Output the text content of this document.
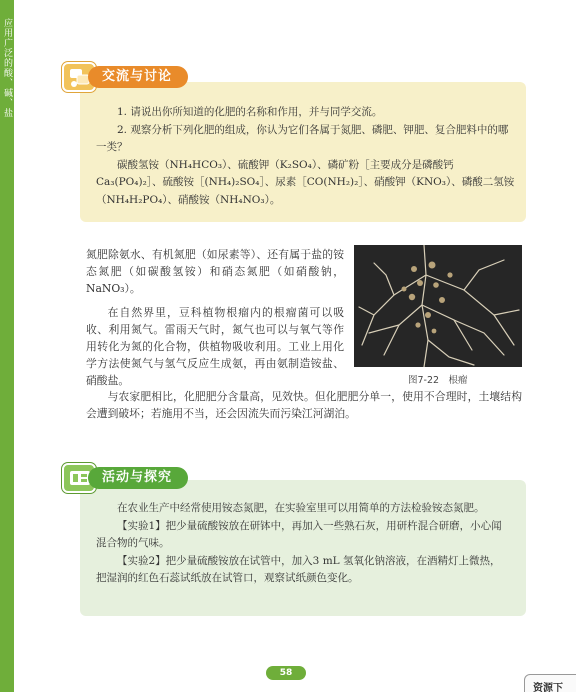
应用广泛的酸、碱、盐	交流与讨论

1. 请说出你所知道的化肥的名称和作用，并与同学交流。

2. 观察分析下列化肥的组成，你认为它们各属于氮肥、磷肥、钾肥、复合肥料中的哪一类？

碳酸氢铵（NH₄HCO₃）、硫酸钾（K₂SO₄）、磷矿粉［主要成分是磷酸钙 Ca₃(PO₄)₂］、硫酸铵［(NH₄)₂SO₄］、尿素［CO(NH₂)₂］、硝酸钾（KNO₃）、磷酸二氢铵（NH₄H₂PO₄）、硝酸铵（NH₄NO₃）。

氮肥除氨水、有机氮肥（如尿素等）、还有属于盐的铵态氮肥（如碳酸氢铵）和硝态氮肥（如硝酸钠，NaNO₃）。
在自然界里，豆科植物根瘤内的根瘤菌可以吸收、利用氮气。雷雨天气时，氮气也可以与氧气等作用转化为氮的化合物，供植物吸收利用。工业上用化学方法使氮气与氢气反应生成氨，再由氨制造铵盐、硝酸盐。
与农家肥相比，化肥肥分含量高，见效快。但化肥肥分单一，使用不合理时，土壤结构会遭到破坏；若施用不当，还会因流失而污染江河湖泊。
图7-22　根瘤
活动与探究

在农业生产中经常使用铵态氮肥，在实验室里可以用简单的方法检验铵态氮肥。

【实验1】把少量硫酸铵放在研钵中，再加入一些熟石灰，用研杵混合研磨，小心闻混合物的气味。

【实验2】把少量硫酸铵放在试管中，加入3 mL 氢氧化钠溶液，在酒精灯上微热，把湿润的红色石蕊试纸放在试管口，观察试纸颜色变化。

58
资源下
